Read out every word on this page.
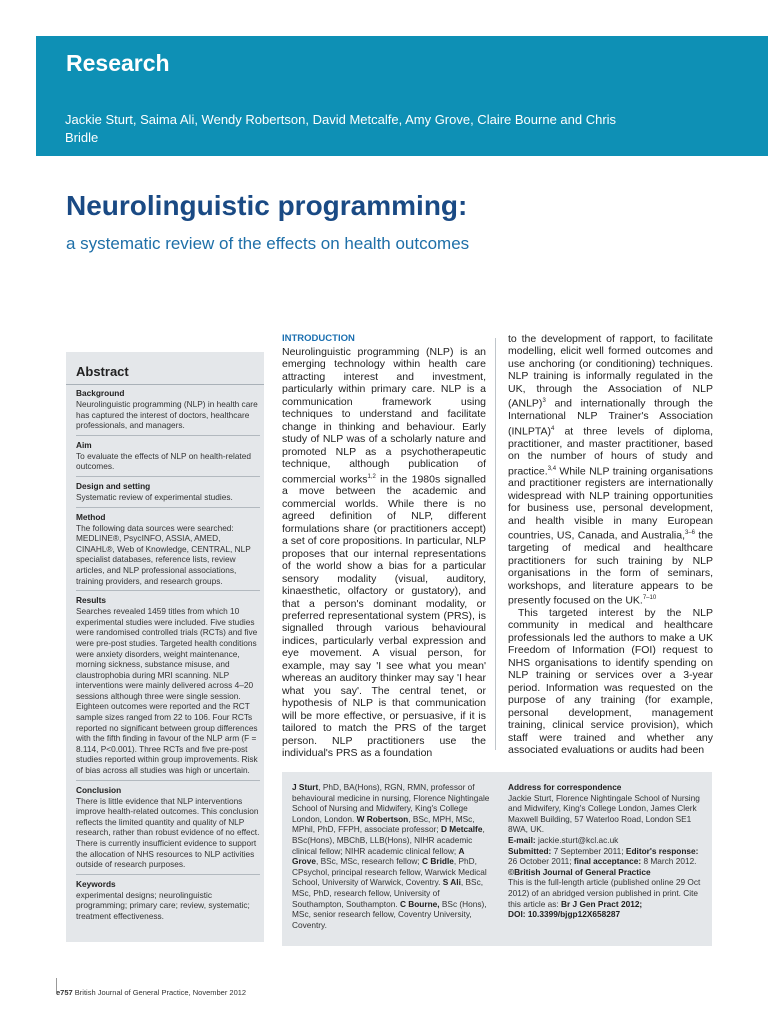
Research
Jackie Sturt, Saima Ali, Wendy Robertson, David Metcalfe, Amy Grove, Claire Bourne and Chris Bridle
Neurolinguistic programming:
a systematic review of the effects on health outcomes
Abstract
Background

Neurolinguistic programming (NLP) in health care has captured the interest of doctors, healthcare professionals, and managers.

Aim

To evaluate the effects of NLP on health-related outcomes.

Design and setting

Systematic review of experimental studies.

Method

The following data sources were searched: MEDLINE®, PsycINFO, ASSIA, AMED, CINAHL®, Web of Knowledge, CENTRAL, NLP specialist databases, reference lists, review articles, and NLP professional associations, training providers, and research groups.

Results

Searches revealed 1459 titles from which 10 experimental studies were included. Five studies were randomised controlled trials (RCTs) and five were pre-post studies. Targeted health conditions were anxiety disorders, weight maintenance, morning sickness, substance misuse, and claustrophobia during MRI scanning. NLP interventions were mainly delivered across 4–20 sessions although three were single session. Eighteen outcomes were reported and the RCT sample sizes ranged from 22 to 106. Four RCTs reported no significant between group differences with the fifth finding in favour of the NLP arm (F = 8.114, P<0.001). Three RCTs and five pre-post studies reported within group improvements. Risk of bias across all studies was high or uncertain.

Conclusion

There is little evidence that NLP interventions improve health-related outcomes. This conclusion reflects the limited quantity and quality of NLP research, rather than robust evidence of no effect. There is currently insufficient evidence to support the allocation of NHS resources to NLP activities outside of research purposes.

Keywords

experimental designs; neurolinguistic programming; primary care; review, systematic; treatment effectiveness.

INTRODUCTION

Neurolinguistic programming (NLP) is an emerging technology within health care attracting interest and investment, particularly within primary care. NLP is a communication framework using techniques to understand and facilitate change in thinking and behaviour. Early study of NLP was of a scholarly nature and promoted NLP as a psychotherapeutic technique, although publication of commercial works$^{1,2}$ in the 1980s signalled a move between the academic and commercial worlds. While there is no agreed definition of NLP, different formulations share (or practitioners accept) a set of core propositions. In particular, NLP proposes that our internal representations of the world show a bias for a particular sensory modality (visual, auditory, kinaesthetic, olfactory or gustatory), and that a person's dominant modality, or preferred representational system (PRS), is signalled through various behavioural indices, particularly verbal expression and eye movement. A visual person, for example, may say 'I see what you mean' whereas an auditory thinker may say 'I hear what you say'. The central tenet, or hypothesis of NLP is that communication will be more effective, or persuasive, if it is tailored to match the PRS of the target person. NLP practitioners use the individual's PRS as a foundation

to the development of rapport, to facilitate modelling, elicit well formed outcomes and use anchoring (or conditioning) techniques. NLP training is informally regulated in the UK, through the Association of NLP (ANLP)$^3$ and internationally through the International NLP Trainer's Association (INLPTA)$^4$ at three levels of diploma, practitioner, and master practitioner, based on the number of hours of study and practice.$^{3,4}$ While NLP training organisations and practitioner registers are internationally widespread with NLP training opportunities for business use, personal development, and health visible in many European countries, US, Canada, and Australia,$^{3-6}$ the targeting of medical and healthcare practitioners for such training by NLP organisations in the form of seminars, workshops, and literature appears to be presently focused on the UK.$^{7-10}$

This targeted interest by the NLP community in medical and healthcare professionals led the authors to make a UK Freedom of Information (FOI) request to NHS organisations to identify spending on NLP training or services over a 3-year period. Information was requested on the purpose of any training (for example, personal development, management training, clinical service provision), which staff were trained and whether any associated evaluations or audits had been

J Sturt, PhD, BA(Hons), RGN, RMN, professor of behavioural medicine in nursing, Florence Nightingale School of Nursing and Midwifery, King's College London, London. W Robertson, BSc, MPH, MSc, MPhil, PhD, FFPH, associate professor; D Metcalfe, BSc(Hons), MBChB, LLB(Hons), NIHR academic clinical fellow; NIHR academic clinical fellow; A Grove, BSc, MSc, research fellow; C Bridle, PhD, CPsychol, principal research fellow, Warwick Medical School, University of Warwick, Coventry. S Ali, BSc, MSc, PhD, research fellow, University of Southampton, Southampton. C Bourne, BSc (Hons), MSc, senior research fellow, Coventry University, Coventry.
Address for correspondence
Jackie Sturt, Florence Nightingale School of Nursing and Midwifery, King's College London, James Clerk Maxwell Building, 57 Waterloo Road, London SE1 8WA, UK.
E-mail: jackie.sturt@kcl.ac.uk
Submitted: 7 September 2011; Editor's response: 26 October 2011; final acceptance: 8 March 2012.
©British Journal of General Practice
This is the full-length article (published online 29 Oct 2012) of an abridged version published in print. Cite this article as: Br J Gen Pract 2012;
DOI: 10.3399/bjgp12X658287
e757 British Journal of General Practice, November 2012
